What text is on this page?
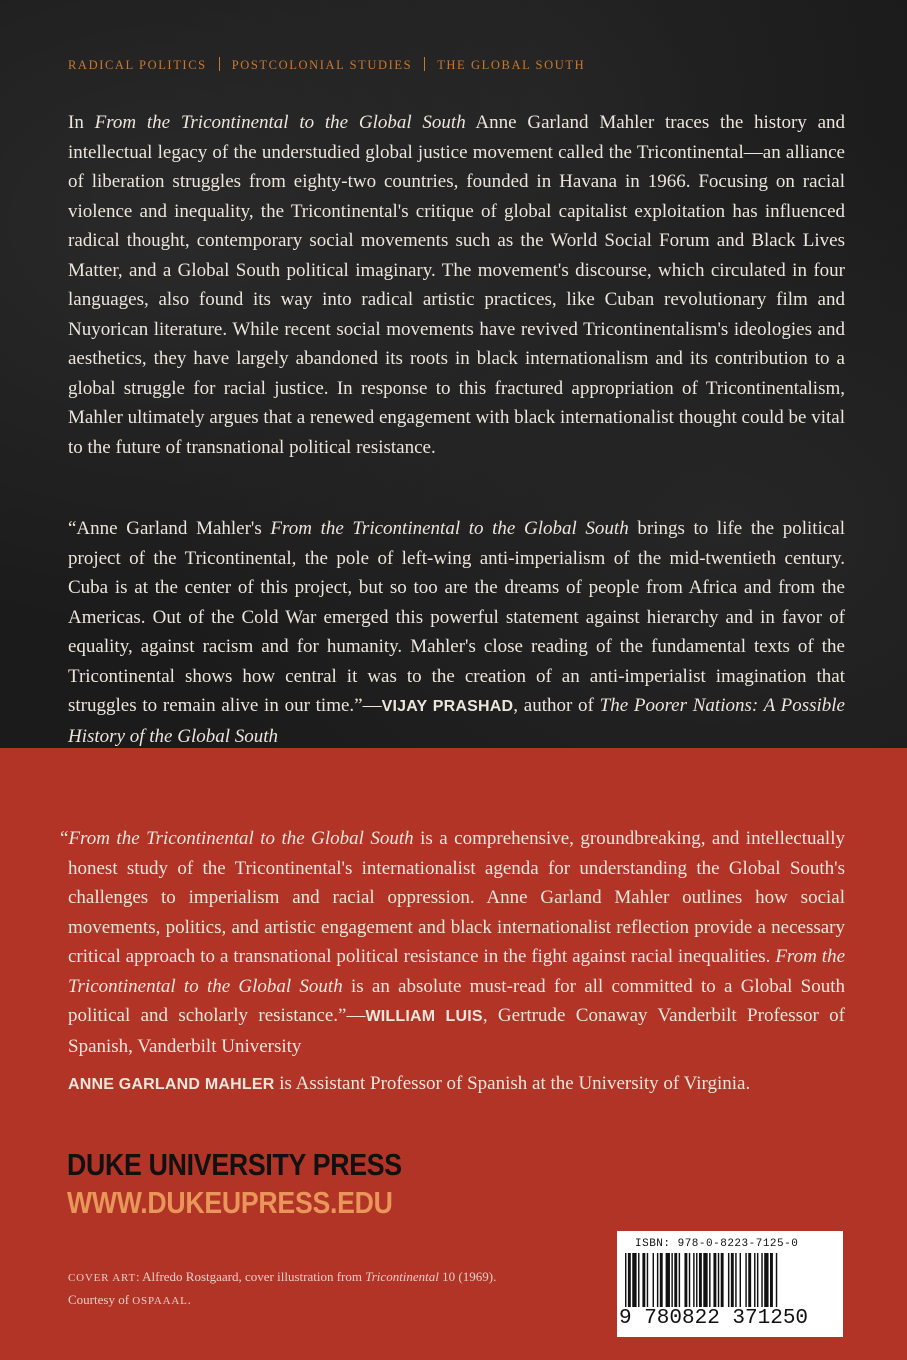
RADICAL POLITICS POSTCOLONIAL STUDIES THE GLOBAL SOUTH

In From the Tricontinental to the Global South Anne Garland Mahler traces the history and intellectual legacy of the understudied global justice movement called the Tricontinental—an alliance of liberation struggles from eighty-two countries, founded in Havana in 1966. Focusing on racial violence and inequality, the Tricontinental's critique of global capitalist exploitation has influenced radical thought, contemporary social movements such as the World Social Forum and Black Lives Matter, and a Global South political imaginary. The movement's discourse, which circulated in four languages, also found its way into radical artistic practices, like Cuban revolutionary film and Nuyorican literature. While recent social movements have revived Tricontinentalism's ideologies and aesthetics, they have largely abandoned its roots in black internationalism and its contribution to a global struggle for racial justice. In response to this fractured appropriation of Tricontinentalism, Mahler ultimately argues that a renewed engagement with black internationalist thought could be vital to the future of transnational political resistance.

“Anne Garland Mahler's From the Tricontinental to the Global South brings to life the political project of the Tricontinental, the pole of left-wing anti-imperialism of the mid-twentieth century. Cuba is at the center of this project, but so too are the dreams of people from Africa and from the Americas. Out of the Cold War emerged this powerful statement against hierarchy and in favor of equality, against racism and for humanity. Mahler's close reading of the fundamental texts of the Tricontinental shows how central it was to the creation of an anti-imperialist imagination that struggles to remain alive in our time.”—VIJAY PRASHAD, author of The Poorer Nations: A Possible History of the Global South

“From the Tricontinental to the Global South is a comprehensive, groundbreaking, and intellectually honest study of the Tricontinental's internationalist agenda for understanding the Global South's challenges to imperialism and racial oppression. Anne Garland Mahler outlines how social movements, politics, and artistic engagement and black internationalist reflection provide a necessary critical approach to a transnational political resistance in the fight against racial inequalities. From the Tricontinental to the Global South is an absolute must-read for all committed to a Global South political and scholarly resistance.”—WILLIAM LUIS, Gertrude Conaway Vanderbilt Professor of Spanish, Vanderbilt University

ANNE GARLAND MAHLER is Assistant Professor of Spanish at the University of Virginia.

DUKE UNIVERSITY PRESS
WWW.DUKEUPRESS.EDU
COVER ART: Alfredo Rostgaard, cover illustration from Tricontinental 10 (1969).
Courtesy of OSPAAAL.
ISBN: 978-0-8223-7125-0
9 780822 371250
